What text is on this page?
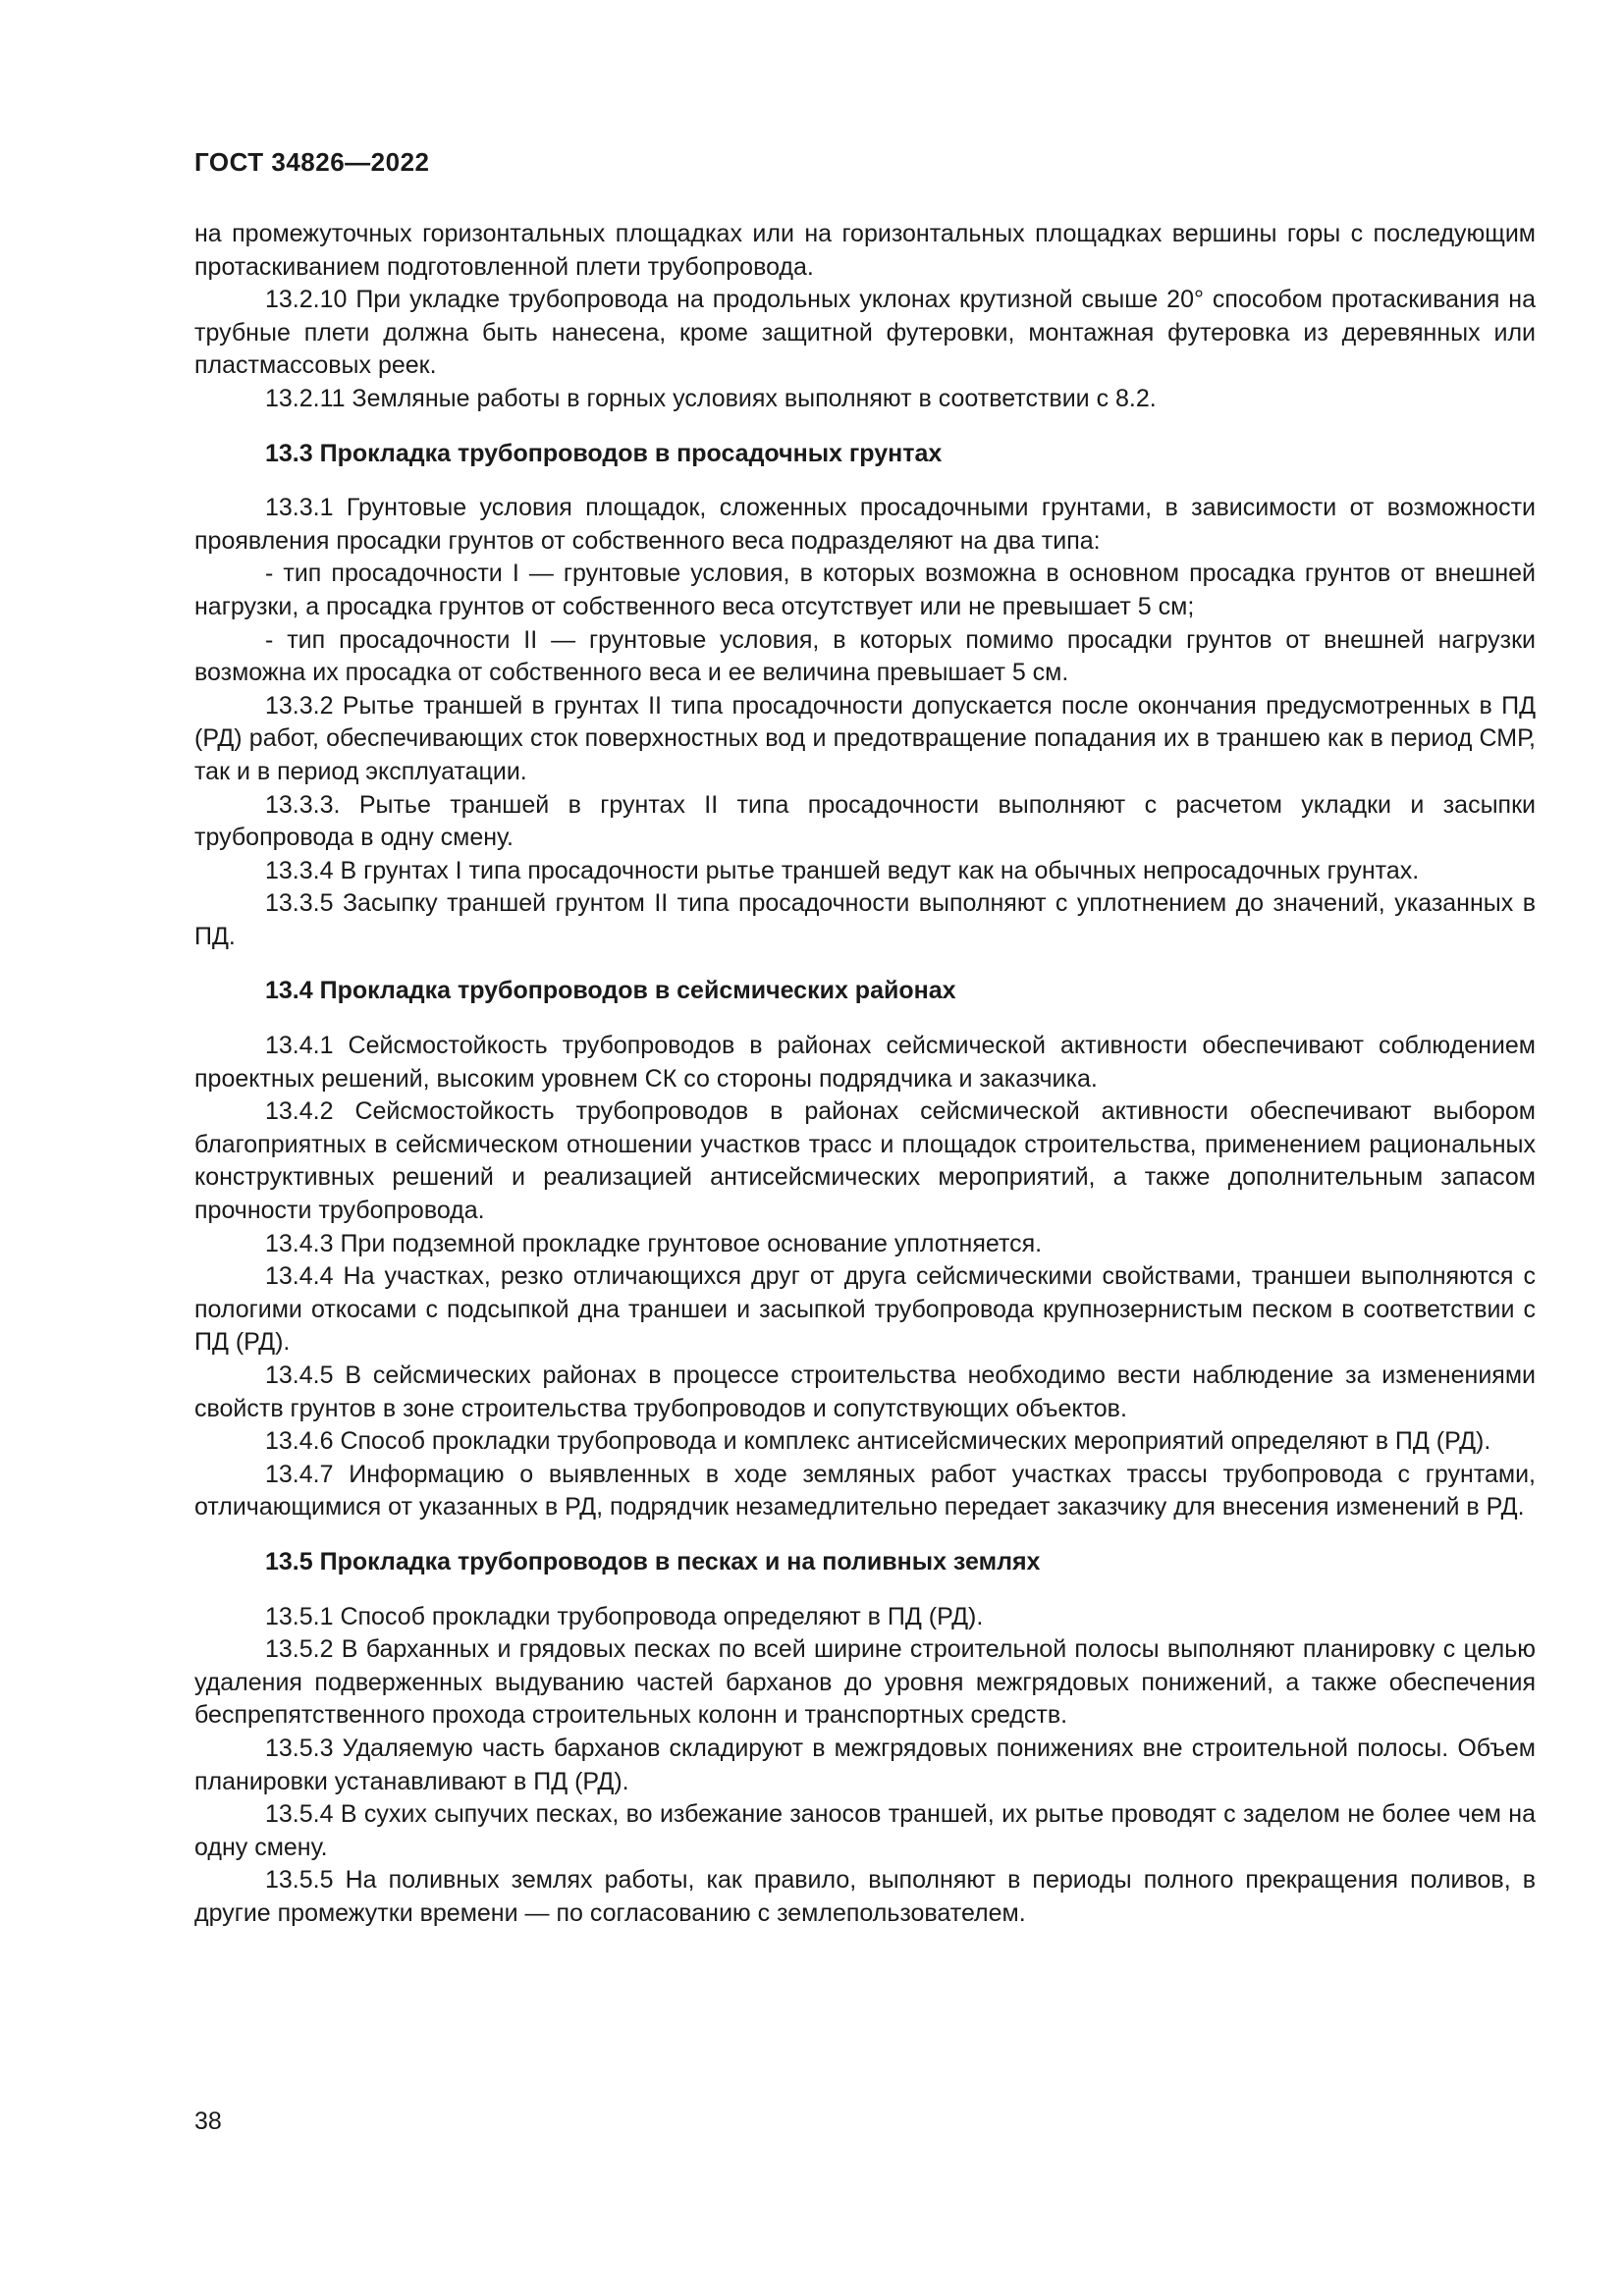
ГОСТ 34826—2022

на промежуточных горизонтальных площадках или на горизонтальных площадках вершины горы с последующим протаскиванием подготовленной плети трубопровода.

13.2.10 При укладке трубопровода на продольных уклонах крутизной свыше 20° способом протаскивания на трубные плети должна быть нанесена, кроме защитной футеровки, монтажная футеровка из деревянных или пластмассовых реек.

13.2.11 Земляные работы в горных условиях выполняют в соответствии с 8.2.

13.3 Прокладка трубопроводов в просадочных грунтах

13.3.1 Грунтовые условия площадок, сложенных просадочными грунтами, в зависимости от возможности проявления просадки грунтов от собственного веса подразделяют на два типа:

- тип просадочности I — грунтовые условия, в которых возможна в основном просадка грунтов от внешней нагрузки, а просадка грунтов от собственного веса отсутствует или не превышает 5 см;

- тип просадочности II — грунтовые условия, в которых помимо просадки грунтов от внешней нагрузки возможна их просадка от собственного веса и ее величина превышает 5 см.

13.3.2 Рытье траншей в грунтах II типа просадочности допускается после окончания предусмотренных в ПД (РД) работ, обеспечивающих сток поверхностных вод и предотвращение попадания их в траншею как в период СМР, так и в период эксплуатации.

13.3.3. Рытье траншей в грунтах II типа просадочности выполняют с расчетом укладки и засыпки трубопровода в одну смену.

13.3.4 В грунтах I типа просадочности рытье траншей ведут как на обычных непросадочных грунтах.

13.3.5 Засыпку траншей грунтом II типа просадочности выполняют с уплотнением до значений, указанных в ПД.

13.4 Прокладка трубопроводов в сейсмических районах

13.4.1 Сейсмостойкость трубопроводов в районах сейсмической активности обеспечивают соблюдением проектных решений, высоким уровнем СК со стороны подрядчика и заказчика.

13.4.2 Сейсмостойкость трубопроводов в районах сейсмической активности обеспечивают выбором благоприятных в сейсмическом отношении участков трасс и площадок строительства, применением рациональных конструктивных решений и реализацией антисейсмических мероприятий, а также дополнительным запасом прочности трубопровода.

13.4.3 При подземной прокладке грунтовое основание уплотняется.

13.4.4 На участках, резко отличающихся друг от друга сейсмическими свойствами, траншеи выполняются с пологими откосами с подсыпкой дна траншеи и засыпкой трубопровода крупнозернистым песком в соответствии с ПД (РД).

13.4.5 В сейсмических районах в процессе строительства необходимо вести наблюдение за изменениями свойств грунтов в зоне строительства трубопроводов и сопутствующих объектов.

13.4.6 Способ прокладки трубопровода и комплекс антисейсмических мероприятий определяют в ПД (РД).

13.4.7 Информацию о выявленных в ходе земляных работ участках трассы трубопровода с грунтами, отличающимися от указанных в РД, подрядчик незамедлительно передает заказчику для внесения изменений в РД.

13.5 Прокладка трубопроводов в песках и на поливных землях

13.5.1 Способ прокладки трубопровода определяют в ПД (РД).

13.5.2 В барханных и грядовых песках по всей ширине строительной полосы выполняют планировку с целью удаления подверженных выдуванию частей барханов до уровня межгрядовых понижений, а также обеспечения беспрепятственного прохода строительных колонн и транспортных средств.

13.5.3 Удаляемую часть барханов складируют в межгрядовых понижениях вне строительной полосы. Объем планировки устанавливают в ПД (РД).

13.5.4 В сухих сыпучих песках, во избежание заносов траншей, их рытье проводят с заделом не более чем на одну смену.

13.5.5 На поливных землях работы, как правило, выполняют в периоды полного прекращения поливов, в другие промежутки времени — по согласованию с землепользователем.

38
